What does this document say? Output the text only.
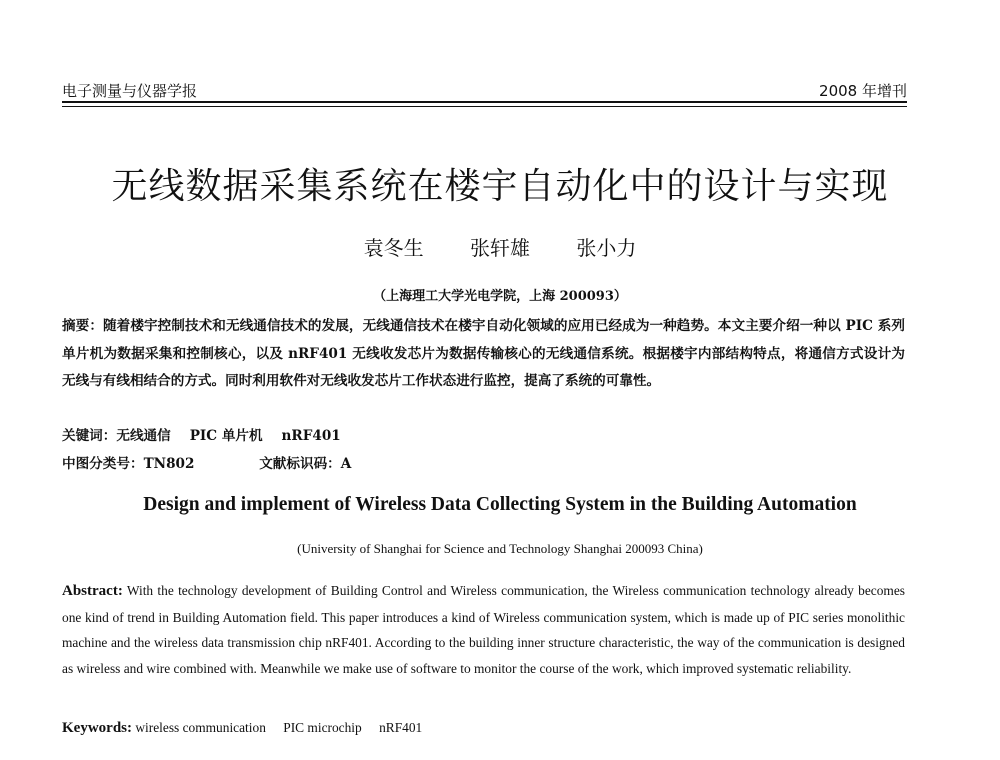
电子测量与仪器学报	2008 年增刊
无线数据采集系统在楼宇自动化中的设计与实现
袁冬生 张轩雄 张小力
（上海理工大学光电学院，上海 200093）
摘要：随着楼宇控制技术和无线通信技术的发展，无线通信技术在楼宇自动化领域的应用已经成为一种趋势。本文主要介绍一种以 PIC 系列单片机为数据采集和控制核心，以及 nRF401 无线收发芯片为数据传输核心的无线通信系统。根据楼宇内部结构特点，将通信方式设计为无线与有线相结合的方式。同时利用软件对无线收发芯片工作状态进行监控，提高了系统的可靠性。
关键词：无线通信 PIC 单片机 nRF401
中图分类号：TN802	文献标识码：A
Design and implement of Wireless Data Collecting System in the Building Automation
(University of Shanghai for Science and Technology Shanghai 200093 China)
Abstract: With the technology development of Building Control and Wireless communication, the Wireless communication technology already becomes one kind of trend in Building Automation field. This paper introduces a kind of Wireless communication system, which is made up of PIC series monolithic machine and the wireless data transmission chip nRF401. According to the building inner structure characteristic, the way of the communication is designed as wireless and wire combined with. Meanwhile we make use of software to monitor the course of the work, which improved systematic reliability.
Keywords: wireless communication PIC microchip nRF401
